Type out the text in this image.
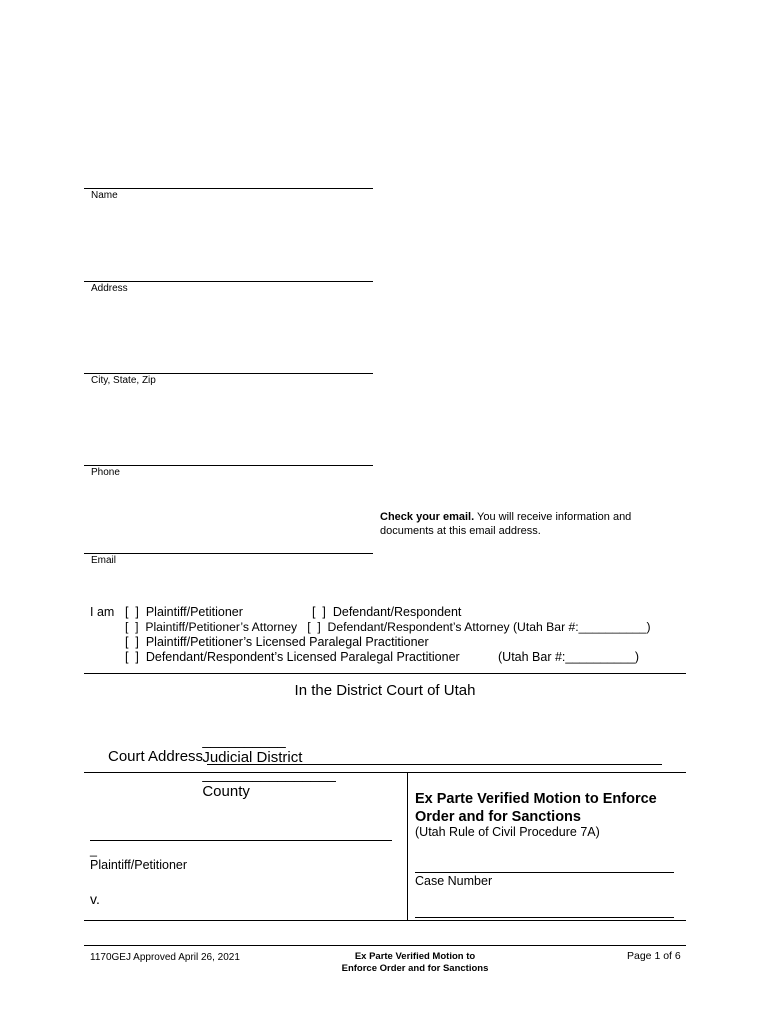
Name
Address
City, State, Zip
Phone
Email
Check your email. You will receive information and
documents at this email address.
I am [  ]  Plaintiff/Petitioner	[  ]  Defendant/Respondent
[  ]  Plaintiff/Petitioner’s Attorney   [  ]  Defendant/Respondent’s Attorney (Utah Bar #:__________)
[  ]  Plaintiff/Petitioner’s Licensed Paralegal Practitioner
[  ]  Defendant/Respondent’s Licensed Paralegal Practitioner	(Utah Bar #:__________)
In the District Court of Utah

__________
Judicial District
________________
County

Court Address
_
Plaintiff/Petitioner
v.
Ex Parte Verified Motion to Enforce
Order and for Sanctions
(Utah Rule of Civil Procedure 7A)
Case Number
1170GEJ Approved April 26, 2021	Ex Parte Verified Motion to
Enforce Order and for Sanctions
Page 1 of 6
